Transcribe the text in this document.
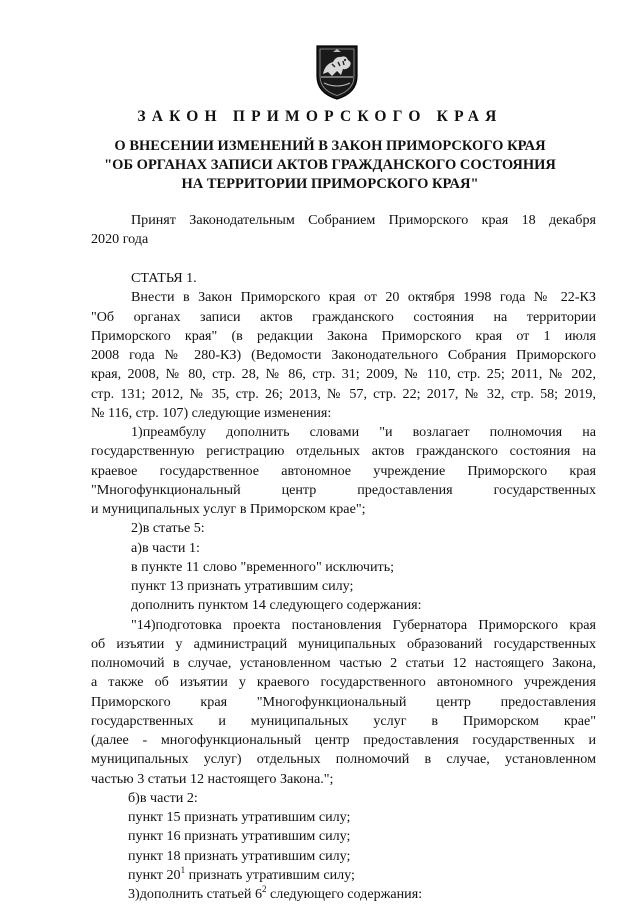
ЗАКОН ПРИМОРСКОГО КРАЯ
О ВНЕСЕНИИ ИЗМЕНЕНИЙ В ЗАКОН ПРИМОРСКОГО КРАЯ
"ОБ ОРГАНАХ ЗАПИСИ АКТОВ ГРАЖДАНСКОГО СОСТОЯНИЯ
НА ТЕРРИТОРИИ ПРИМОРСКОГО КРАЯ"
Принят Законодательным Собранием Приморского края 18 декабря
2020 года
СТАТЬЯ 1.
Внести в Закон Приморского края от 20 октября 1998 года № 22-КЗ
"Об органах записи актов гражданского состояния на территории
Приморского края" (в редакции Закона Приморского края от 1 июля
2008 года № 280-КЗ) (Ведомости Законодательного Собрания Приморского
края, 2008, № 80, стр. 28, № 86, стр. 31; 2009, № 110, стр. 25; 2011, № 202,
стр. 131; 2012, № 35, стр. 26; 2013, № 57, стр. 22; 2017, № 32, стр. 58; 2019,
№ 116, стр. 107) следующие изменения:
1)преамбулу дополнить словами "и возлагает полномочия на
государственную регистрацию отдельных актов гражданского состояния на
краевое государственное автономное учреждение Приморского края
"Многофункциональный центр предоставления государственных
и муниципальных услуг в Приморском крае";
2)в статье 5:
а)в части 1:
в пункте 11 слово "временного" исключить;
пункт 13 признать утратившим силу;
дополнить пунктом 14 следующего содержания:
"14)подготовка проекта постановления Губернатора Приморского края
об изъятии у администраций муниципальных образований государственных
полномочий в случае, установленном частью 2 статьи 12 настоящего Закона,
а также об изъятии у краевого государственного автономного учреждения
Приморского края "Многофункциональный центр предоставления
государственных и муниципальных услуг в Приморском крае"
(далее - многофункциональный центр предоставления государственных и
муниципальных услуг) отдельных полномочий в случае, установленном
частью 3 статьи 12 настоящего Закона.";
б)в части 2:
пункт 15 признать утратившим силу;
пункт 16 признать утратившим силу;
пункт 18 признать утратившим силу;
пункт $20^1$ признать утратившим силу;
3)дополнить статьей $6^2$ следующего содержания:
